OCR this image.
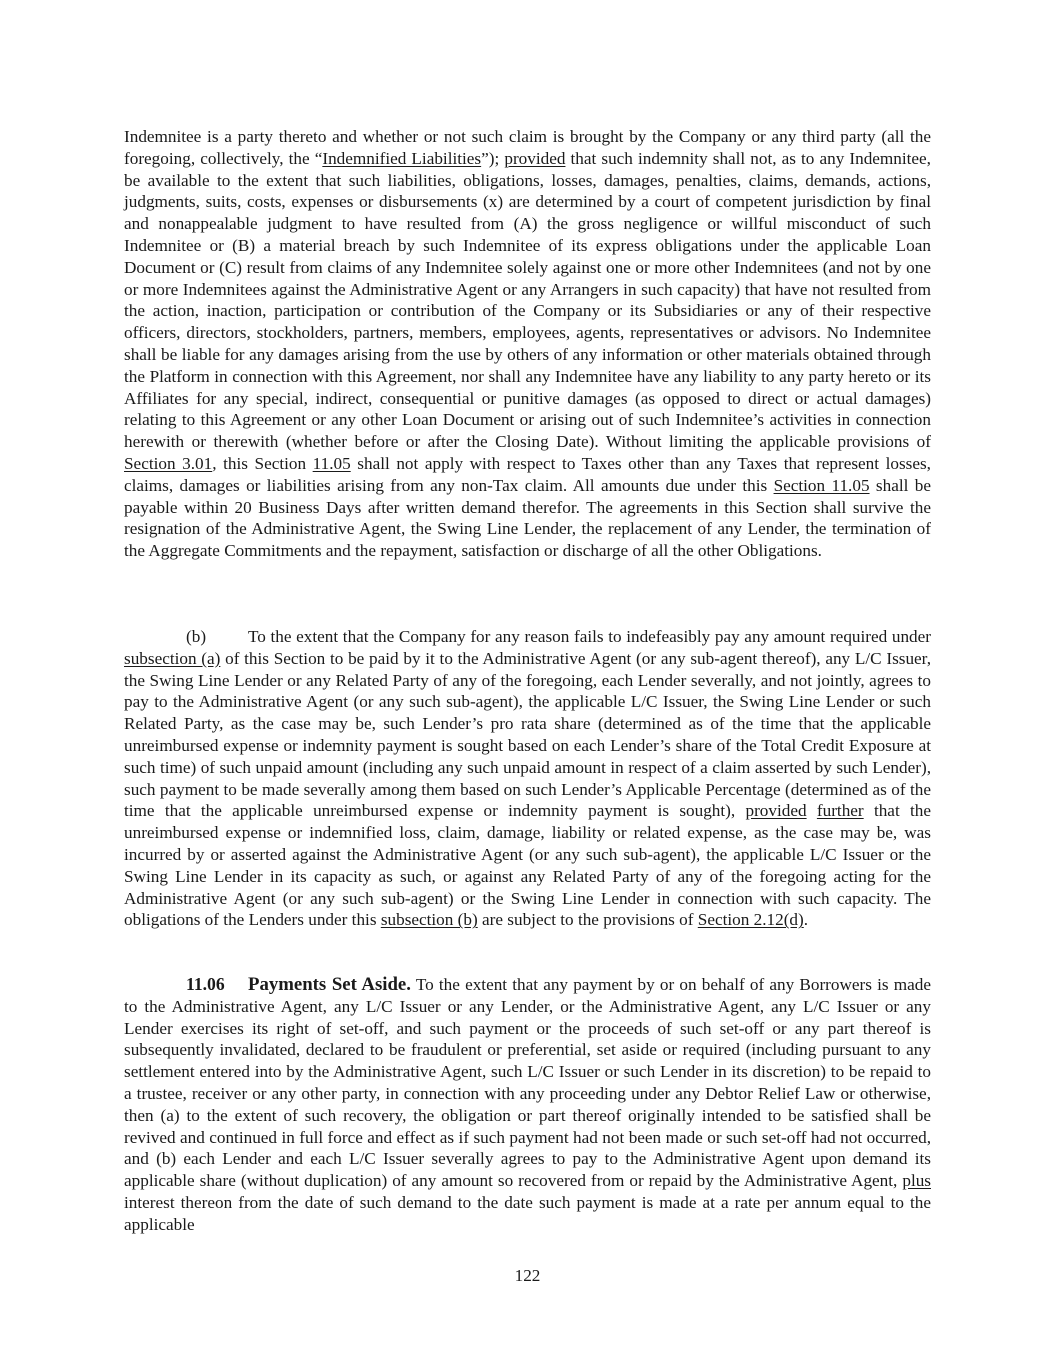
Indemnitee is a party thereto and whether or not such claim is brought by the Company or any third party (all the foregoing, collectively, the “Indemnified Liabilities”); provided that such indemnity shall not, as to any Indemnitee, be available to the extent that such liabilities, obligations, losses, damages, penalties, claims, demands, actions, judgments, suits, costs, expenses or disbursements (x) are determined by a court of competent jurisdiction by final and nonappealable judgment to have resulted from (A) the gross negligence or willful misconduct of such Indemnitee or (B) a material breach by such Indemnitee of its express obligations under the applicable Loan Document or (C) result from claims of any Indemnitee solely against one or more other Indemnitees (and not by one or more Indemnitees against the Administrative Agent or any Arrangers in such capacity) that have not resulted from the action, inaction, participation or contribution of the Company or its Subsidiaries or any of their respective officers, directors, stockholders, partners, members, employees, agents, representatives or advisors. No Indemnitee shall be liable for any damages arising from the use by others of any information or other materials obtained through the Platform in connection with this Agreement, nor shall any Indemnitee have any liability to any party hereto or its Affiliates for any special, indirect, consequential or punitive damages (as opposed to direct or actual damages) relating to this Agreement or any other Loan Document or arising out of such Indemnitee’s activities in connection herewith or therewith (whether before or after the Closing Date). Without limiting the applicable provisions of Section 3.01, this Section 11.05 shall not apply with respect to Taxes other than any Taxes that represent losses, claims, damages or liabilities arising from any non-Tax claim. All amounts due under this Section 11.05 shall be payable within 20 Business Days after written demand therefor. The agreements in this Section shall survive the resignation of the Administrative Agent, the Swing Line Lender, the replacement of any Lender, the termination of the Aggregate Commitments and the repayment, satisfaction or discharge of all the other Obligations.

(b) To the extent that the Company for any reason fails to indefeasibly pay any amount required under subsection (a) of this Section to be paid by it to the Administrative Agent (or any sub-agent thereof), any L/C Issuer, the Swing Line Lender or any Related Party of any of the foregoing, each Lender severally, and not jointly, agrees to pay to the Administrative Agent (or any such sub-agent), the applicable L/C Issuer, the Swing Line Lender or such Related Party, as the case may be, such Lender’s pro rata share (determined as of the time that the applicable unreimbursed expense or indemnity payment is sought based on each Lender’s share of the Total Credit Exposure at such time) of such unpaid amount (including any such unpaid amount in respect of a claim asserted by such Lender), such payment to be made severally among them based on such Lender’s Applicable Percentage (determined as of the time that the applicable unreimbursed expense or indemnity payment is sought), provided further that the unreimbursed expense or indemnified loss, claim, damage, liability or related expense, as the case may be, was incurred by or asserted against the Administrative Agent (or any such sub-agent), the applicable L/C Issuer or the Swing Line Lender in its capacity as such, or against any Related Party of any of the foregoing acting for the Administrative Agent (or any such sub-agent) or the Swing Line Lender in connection with such capacity. The obligations of the Lenders under this subsection (b) are subject to the provisions of Section 2.12(d).

11.06 Payments Set Aside. To the extent that any payment by or on behalf of any Borrowers is made to the Administrative Agent, any L/C Issuer or any Lender, or the Administrative Agent, any L/C Issuer or any Lender exercises its right of set-off, and such payment or the proceeds of such set-off or any part thereof is subsequently invalidated, declared to be fraudulent or preferential, set aside or required (including pursuant to any settlement entered into by the Administrative Agent, such L/C Issuer or such Lender in its discretion) to be repaid to a trustee, receiver or any other party, in connection with any proceeding under any Debtor Relief Law or otherwise, then (a) to the extent of such recovery, the obligation or part thereof originally intended to be satisfied shall be revived and continued in full force and effect as if such payment had not been made or such set-off had not occurred, and (b) each Lender and each L/C Issuer severally agrees to pay to the Administrative Agent upon demand its applicable share (without duplication) of any amount so recovered from or repaid by the Administrative Agent, plus interest thereon from the date of such demand to the date such payment is made at a rate per annum equal to the applicable

122
